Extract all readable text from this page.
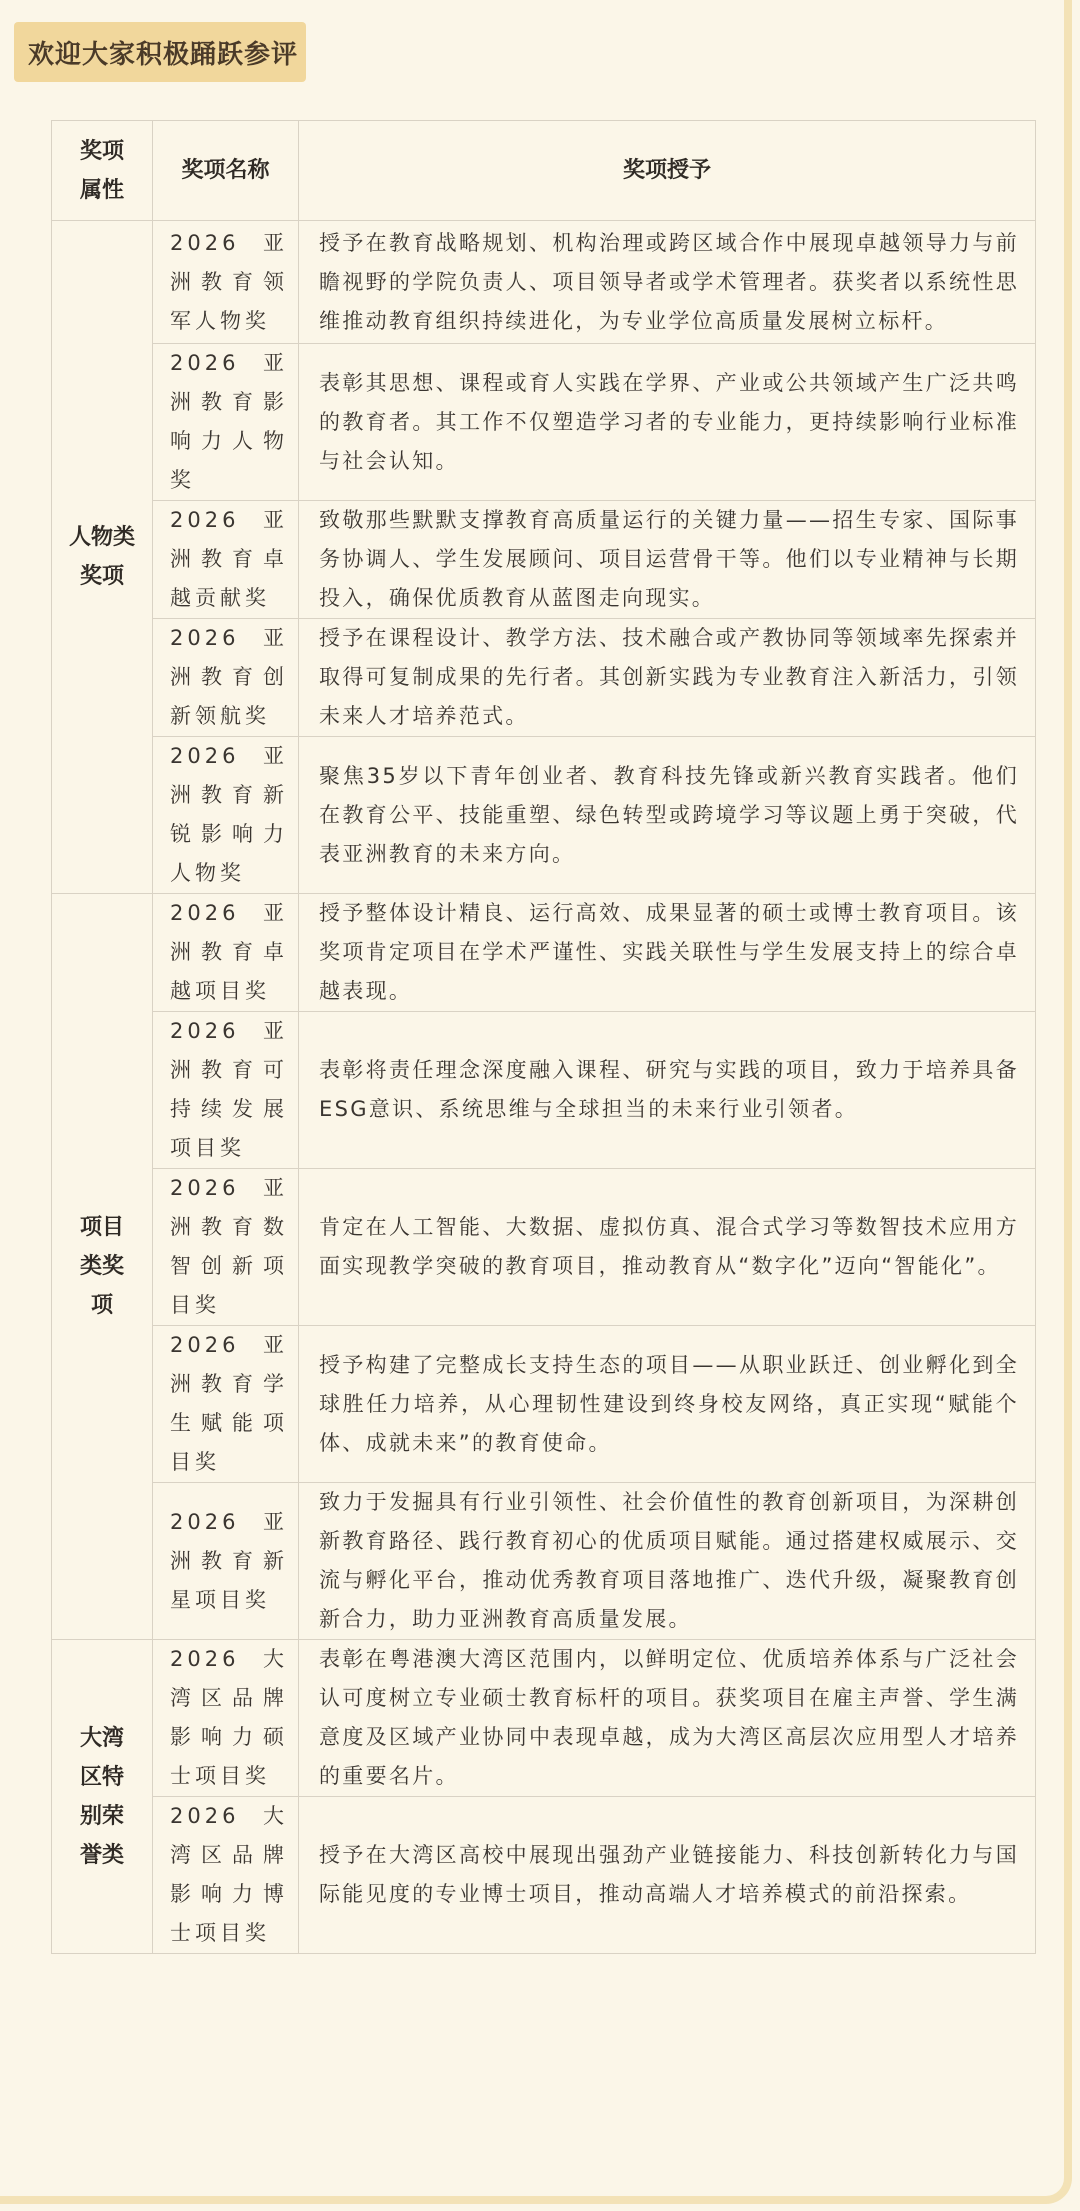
欢迎大家积极踊跃参评
奖项属性	奖项名称	奖项授予
人物类奖项	2026亚洲教育领军人物奖	授予在教育战略规划、机构治理或跨区域合作中展现卓越领导力与前瞻视野的学院负责人、项目领导者或学术管理者。获奖者以系统性思维推动教育组织持续进化，为专业学位高质量发展树立标杆。
	2026亚洲教育影响力人物奖	表彰其思想、课程或育人实践在学界、产业或公共领域产生广泛共鸣的教育者。其工作不仅塑造学习者的专业能力，更持续影响行业标准与社会认知。
	2026亚洲教育卓越贡献奖	致敬那些默默支撑教育高质量运行的关键力量——招生专家、国际事务协调人、学生发展顾问、项目运营骨干等。他们以专业精神与长期投入，确保优质教育从蓝图走向现实。
	2026亚洲教育创新领航奖	授予在课程设计、教学方法、技术融合或产教协同等领域率先探索并取得可复制成果的先行者。其创新实践为专业教育注入新活力，引领未来人才培养范式。
	2026亚洲教育新锐影响力人物奖	聚焦35岁以下青年创业者、教育科技先锋或新兴教育实践者。他们在教育公平、技能重塑、绿色转型或跨境学习等议题上勇于突破，代表亚洲教育的未来方向。
项目类奖项	2026亚洲教育卓越项目奖	授予整体设计精良、运行高效、成果显著的硕士或博士教育项目。该奖项肯定项目在学术严谨性、实践关联性与学生发展支持上的综合卓越表现。
	2026亚洲教育可持续发展项目奖	表彰将责任理念深度融入课程、研究与实践的项目，致力于培养具备ESG意识、系统思维与全球担当的未来行业引领者。
	2026亚洲教育数智创新项目奖	肯定在人工智能、大数据、虚拟仿真、混合式学习等数智技术应用方面实现教学突破的教育项目，推动教育从“数字化”迈向“智能化”。
	2026亚洲教育学生赋能项目奖	授予构建了完整成长支持生态的项目——从职业跃迁、创业孵化到全球胜任力培养，从心理韧性建设到终身校友网络，真正实现“赋能个体、成就未来”的教育使命。
	2026 亚洲教育新星项目奖	致力于发掘具有行业引领性、社会价值性的教育创新项目，为深耕创新教育路径、践行教育初心的优质项目赋能。通过搭建权威展示、交流与孵化平台，推动优秀教育项目落地推广、迭代升级，凝聚教育创新合力，助力亚洲教育高质量发展。
大湾区特别荣誉类	2026大湾区品牌影响力硕士项目奖	表彰在粤港澳大湾区范围内，以鲜明定位、优质培养体系与广泛社会认可度树立专业硕士教育标杆的项目。获奖项目在雇主声誉、学生满意度及区域产业协同中表现卓越，成为大湾区高层次应用型人才培养的重要名片。
	2026大湾区品牌影响力博士项目奖	授予在大湾区高校中展现出强劲产业链接能力、科技创新转化力与国际能见度的专业博士项目，推动高端人才培养模式的前沿探索。
